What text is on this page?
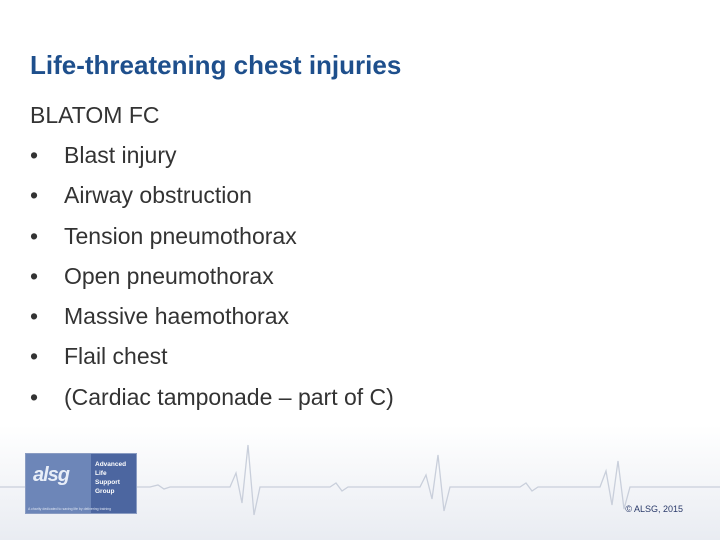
Life-threatening chest injuries
BLATOM FC
•	Blast injury
•	Airway obstruction
•	Tension pneumothorax
•	Open pneumothorax
•	Massive haemothorax
•	Flail chest
•	(Cardiac tamponade – part of C)
alsg	Advanced
Life
Support
Group
A charity dedicated to saving life by delivering training	© ALSG, 2015
